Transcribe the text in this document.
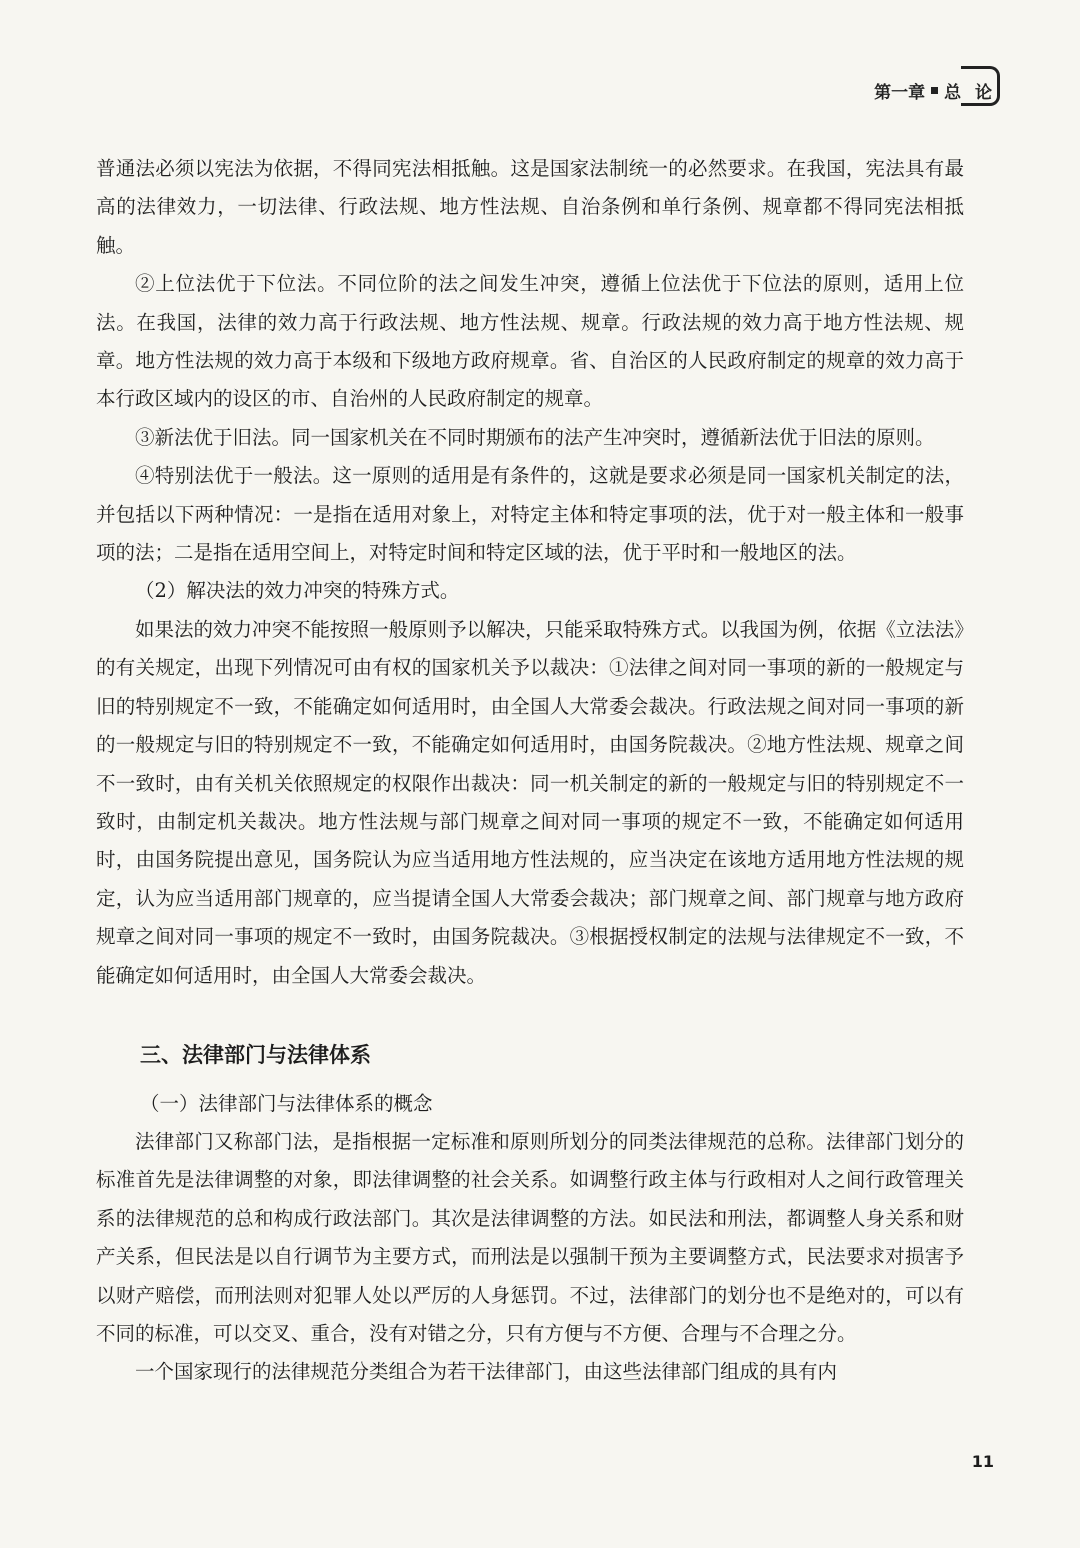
第一章 总 论

普通法必须以宪法为依据，不得同宪法相抵触。这是国家法制统一的必然要求。在我国，宪法具有最高的法律效力，一切法律、行政法规、地方性法规、自治条例和单行条例、规章都不得同宪法相抵触。

②上位法优于下位法。不同位阶的法之间发生冲突，遵循上位法优于下位法的原则，适用上位法。在我国，法律的效力高于行政法规、地方性法规、规章。行政法规的效力高于地方性法规、规章。地方性法规的效力高于本级和下级地方政府规章。省、自治区的人民政府制定的规章的效力高于本行政区域内的设区的市、自治州的人民政府制定的规章。

③新法优于旧法。同一国家机关在不同时期颁布的法产生冲突时，遵循新法优于旧法的原则。

④特别法优于一般法。这一原则的适用是有条件的，这就是要求必须是同一国家机关制定的法，并包括以下两种情况：一是指在适用对象上，对特定主体和特定事项的法，优于对一般主体和一般事项的法；二是指在适用空间上，对特定时间和特定区域的法，优于平时和一般地区的法。

（2）解决法的效力冲突的特殊方式。

如果法的效力冲突不能按照一般原则予以解决，只能采取特殊方式。以我国为例，依据《立法法》的有关规定，出现下列情况可由有权的国家机关予以裁决：①法律之间对同一事项的新的一般规定与旧的特别规定不一致，不能确定如何适用时，由全国人大常委会裁决。行政法规之间对同一事项的新的一般规定与旧的特别规定不一致，不能确定如何适用时，由国务院裁决。②地方性法规、规章之间不一致时，由有关机关依照规定的权限作出裁决：同一机关制定的新的一般规定与旧的特别规定不一致时，由制定机关裁决。地方性法规与部门规章之间对同一事项的规定不一致，不能确定如何适用时，由国务院提出意见，国务院认为应当适用地方性法规的，应当决定在该地方适用地方性法规的规定，认为应当适用部门规章的，应当提请全国人大常委会裁决；部门规章之间、部门规章与地方政府规章之间对同一事项的规定不一致时，由国务院裁决。③根据授权制定的法规与法律规定不一致，不能确定如何适用时，由全国人大常委会裁决。

三、法律部门与法律体系
（一）法律部门与法律体系的概念

法律部门又称部门法，是指根据一定标准和原则所划分的同类法律规范的总称。法律部门划分的标准首先是法律调整的对象，即法律调整的社会关系。如调整行政主体与行政相对人之间行政管理关系的法律规范的总和构成行政法部门。其次是法律调整的方法。如民法和刑法，都调整人身关系和财产关系，但民法是以自行调节为主要方式，而刑法是以强制干预为主要调整方式，民法要求对损害予以财产赔偿，而刑法则对犯罪人处以严厉的人身惩罚。不过，法律部门的划分也不是绝对的，可以有不同的标准，可以交叉、重合，没有对错之分，只有方便与不方便、合理与不合理之分。

一个国家现行的法律规范分类组合为若干法律部门，由这些法律部门组成的具有内

11
